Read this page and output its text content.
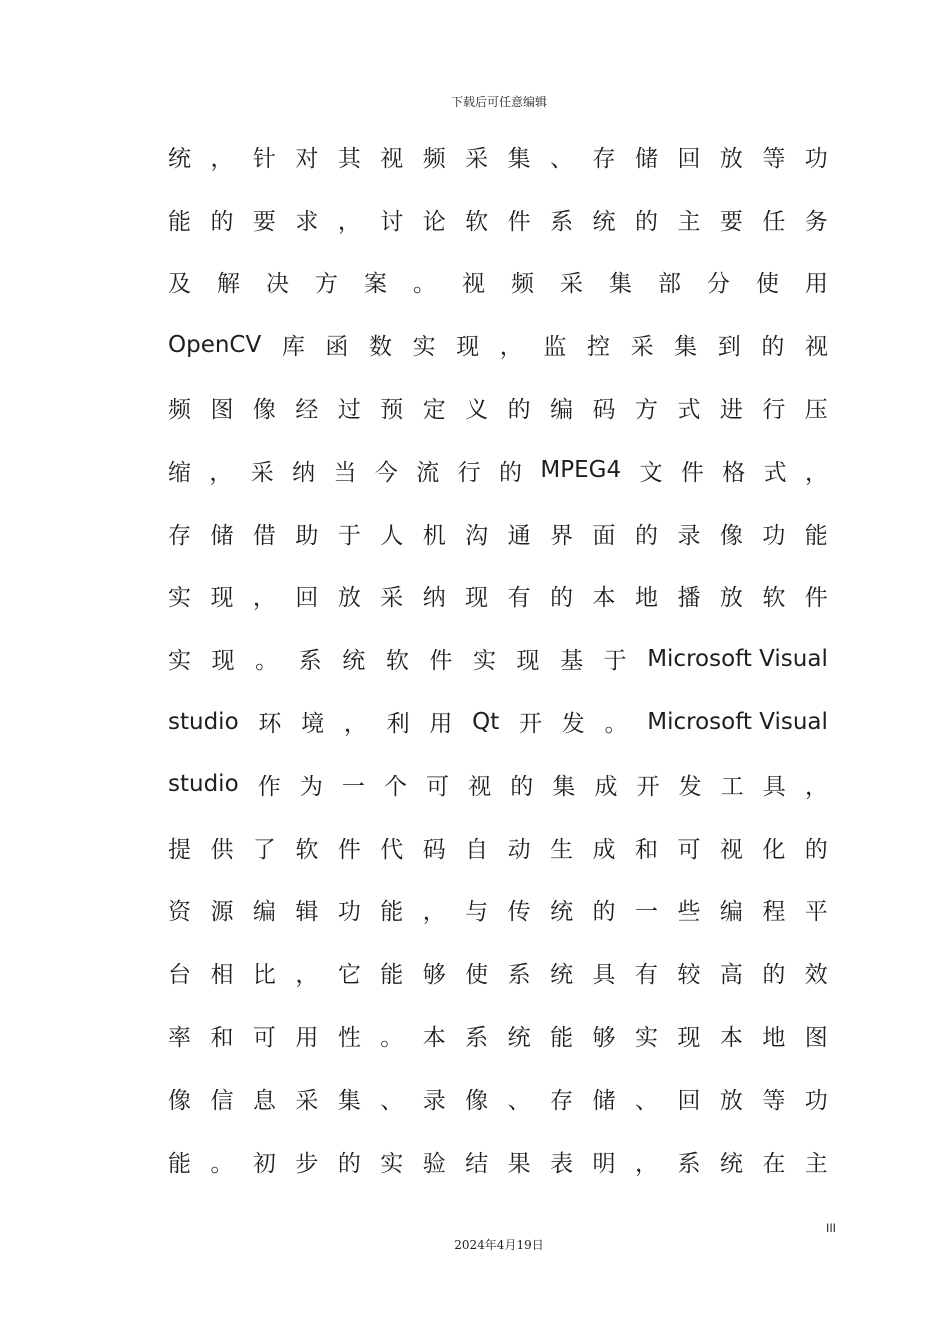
下载后可任意编辑
统 ， 针 对 其 视 频 采 集 、 存 储 回 放 等 功
能 的 要 求 ， 讨 论 软 件 系 统 的 主 要 任 务
及 解 决 方 案 。 视 频 采 集 部 分 使 用
OpenCV 库 函 数 实 现 ， 监 控 采 集 到 的 视
频 图 像 经 过 预 定 义 的 编 码 方 式 进 行 压
缩 ， 采 纳 当 今 流 行 的 MPEG4 文 件 格 式 ，
存 储 借 助 于 人 机 沟 通 界 面 的 录 像 功 能
实 现 ， 回 放 采 纳 现 有 的 本 地 播 放 软 件
实 现 。 系 统 软 件 实 现 基 于 Microsoft Visual
studio 环 境 ， 利 用 Qt 开 发 。 Microsoft Visual
studio 作 为 一 个 可 视 的 集 成 开 发 工 具 ，
提 供 了 软 件 代 码 自 动 生 成 和 可 视 化 的
资 源 编 辑 功 能 ， 与 传 统 的 一 些 编 程 平
台 相 比 ， 它 能 够 使 系 统 具 有 较 高 的 效
率 和 可 用 性 。 本 系 统 能 够 实 现 本 地 图
像 信 息 采 集 、 录 像 、 存 储 、 回 放 等 功
能 。 初 步 的 实 验 结 果 表 明 ， 系 统 在 主
III
2024年4月19日
